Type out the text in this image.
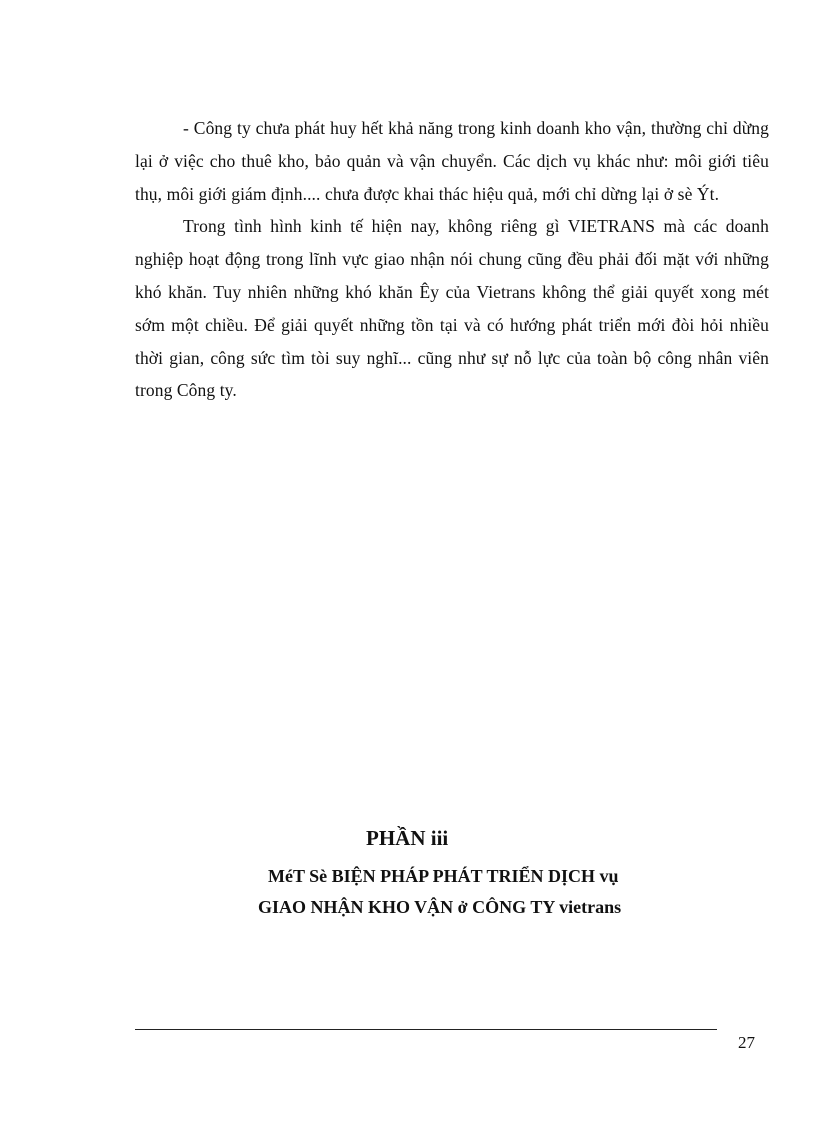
- Công ty chưa phát huy hết khả năng trong kinh doanh kho vận, thường chỉ dừng lại ở việc cho thuê kho, bảo quản và vận chuyển. Các dịch vụ khác như: môi giới tiêu thụ, môi giới giám định.... chưa được khai thác hiệu quả, mới chỉ dừng lại ở sè Ýt.

Trong tình hình kinh tế hiện nay, không riêng gì VIETRANS mà các doanh nghiệp hoạt động trong lĩnh vực giao nhận nói chung cũng đều phải đối mặt với những khó khăn. Tuy nhiên những khó khăn Êy của Vietrans không thể giải quyết xong mét sớm một chiều. Để giải quyết những tồn tại và có hướng phát triển mới đòi hỏi nhiều thời gian, công sức tìm tòi suy nghĩ... cũng như sự nỗ lực của toàn bộ công nhân viên trong Công ty.

PHẦN iii
MéT Sè BIỆN PHÁP PHÁT TRIỂN DỊCH vụ
GIAO NHẬN KHO VẬN ở CÔNG TY vietrans

27
